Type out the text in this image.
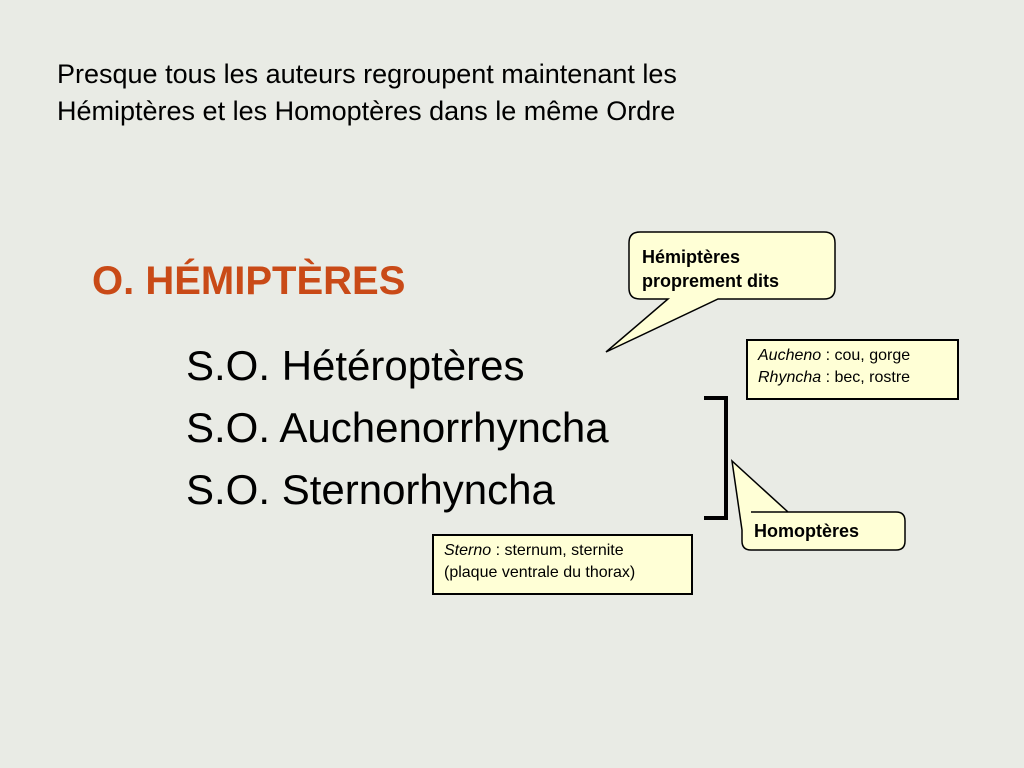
Presque tous les auteurs regroupent maintenant les
Hémiptères et les Homoptères dans le même Ordre
O. HÉMIPTÈRES
S.O. Hétéroptères
S.O. Auchenorrhyncha
S.O. Sternorhyncha
Hémiptères
proprement dits
Homoptères
Aucheno : cou, gorge
Rhyncha : bec, rostre
Sterno : sternum, sternite
(plaque ventrale du thorax)
